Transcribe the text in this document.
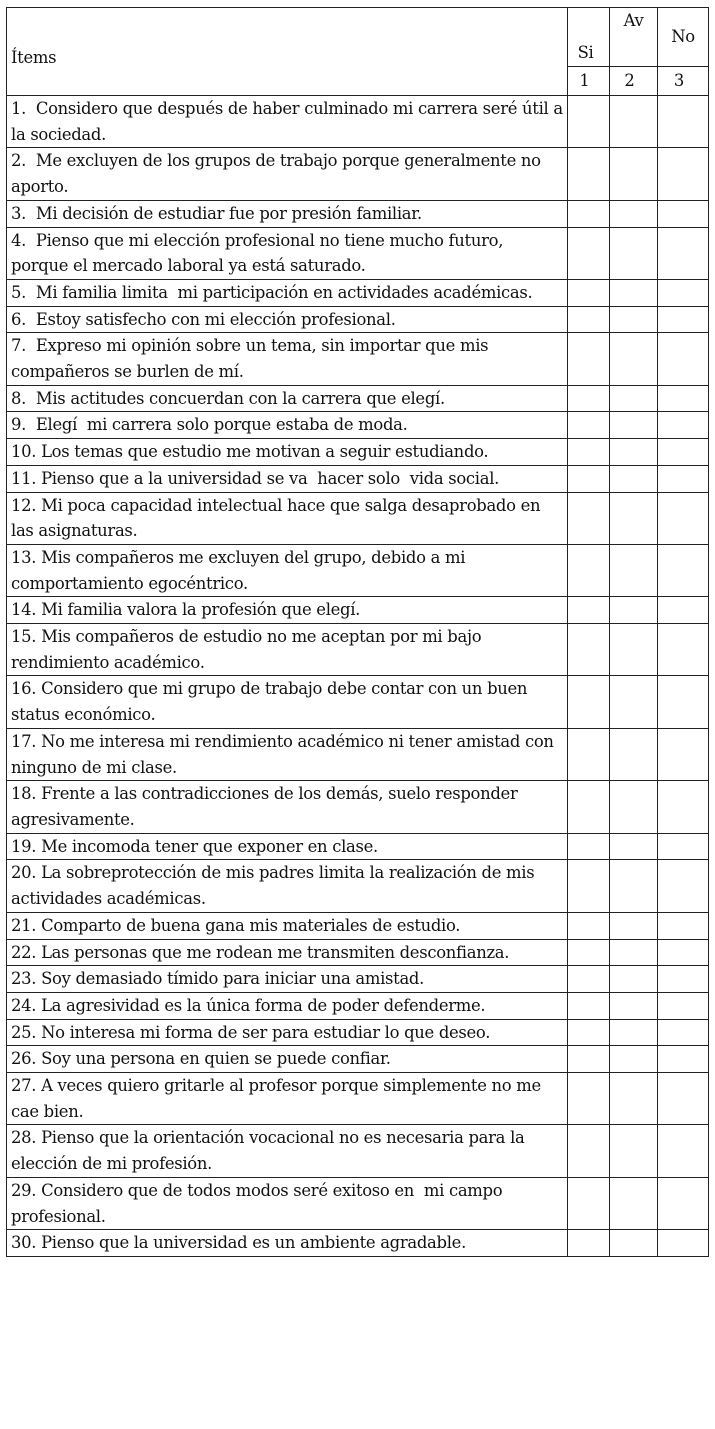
Ítems	Si	Av	No
	1	2	3
1.  Considero que después de haber culminado mi carrera seré útil a la sociedad.			
2.  Me excluyen de los grupos de trabajo porque generalmente no aporto.			
3.  Mi decisión de estudiar fue por presión familiar.			
4.  Pienso que mi elección profesional no tiene mucho futuro, porque el mercado laboral ya está saturado.			
5.  Mi familia limita  mi participación en actividades académicas.			
6.  Estoy satisfecho con mi elección profesional.			
7.  Expreso mi opinión sobre un tema, sin importar que mis compañeros se burlen de mí.			
8.  Mis actitudes concuerdan con la carrera que elegí.			
9.  Elegí  mi carrera solo porque estaba de moda.			
10. Los temas que estudio me motivan a seguir estudiando.			
11. Pienso que a la universidad se va  hacer solo  vida social.			
12. Mi poca capacidad intelectual hace que salga desaprobado en las asignaturas.			
13. Mis compañeros me excluyen del grupo, debido a mi comportamiento egocéntrico.			
14. Mi familia valora la profesión que elegí.			
15. Mis compañeros de estudio no me aceptan por mi bajo rendimiento académico.			
16. Considero que mi grupo de trabajo debe contar con un buen status económico.			
17. No me interesa mi rendimiento académico ni tener amistad con ninguno de mi clase.			
18. Frente a las contradicciones de los demás, suelo responder agresivamente.			
19. Me incomoda tener que exponer en clase.			
20. La sobreprotección de mis padres limita la realización de mis actividades académicas.			
21. Comparto de buena gana mis materiales de estudio.			
22. Las personas que me rodean me transmiten desconfianza.			
23. Soy demasiado tímido para iniciar una amistad.			
24. La agresividad es la única forma de poder defenderme.			
25. No interesa mi forma de ser para estudiar lo que deseo.			
26. Soy una persona en quien se puede confiar.			
27. A veces quiero gritarle al profesor porque simplemente no me cae bien.			
28. Pienso que la orientación vocacional no es necesaria para la elección de mi profesión.			
29. Considero que de todos modos seré exitoso en  mi campo profesional.			
30. Pienso que la universidad es un ambiente agradable.			
